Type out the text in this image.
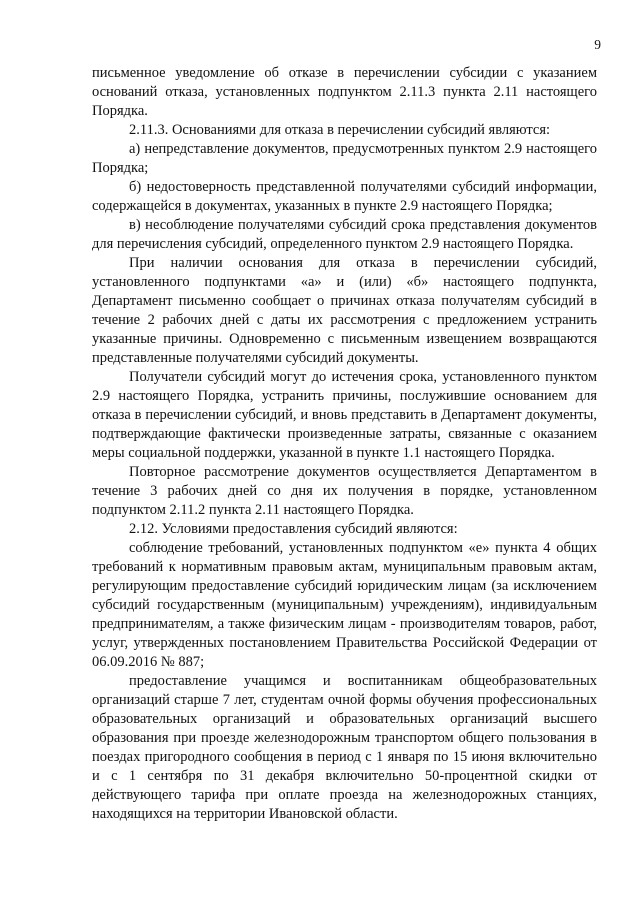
9

письменное уведомление об отказе в перечислении субсидии с указанием оснований отказа, установленных подпунктом 2.11.3 пункта 2.11 настоящего Порядка.

2.11.3. Основаниями для отказа в перечислении субсидий являются:

а) непредставление документов, предусмотренных пунктом 2.9 настоящего Порядка;

б) недостоверность представленной получателями субсидий информации, содержащейся в документах, указанных в пункте 2.9 настоящего Порядка;

в) несоблюдение получателями субсидий срока представления документов для перечисления субсидий, определенного пунктом 2.9 настоящего Порядка.

При наличии основания для отказа в перечислении субсидий, установленного подпунктами «а» и (или) «б» настоящего подпункта, Департамент письменно сообщает о причинах отказа получателям субсидий в течение 2 рабочих дней с даты их рассмотрения с предложением устранить указанные причины. Одновременно с письменным извещением возвращаются представленные получателями субсидий документы.

Получатели субсидий могут до истечения срока, установленного пунктом 2.9 настоящего Порядка, устранить причины, послужившие основанием для отказа в перечислении субсидий, и вновь представить в Департамент документы, подтверждающие фактически произведенные затраты, связанные с оказанием меры социальной поддержки, указанной в пункте 1.1 настоящего Порядка.

Повторное рассмотрение документов осуществляется Департаментом в течение 3 рабочих дней со дня их получения в порядке, установленном подпунктом 2.11.2 пункта 2.11 настоящего Порядка.

2.12. Условиями предоставления субсидий являются:

соблюдение требований, установленных подпунктом «е» пункта 4 общих требований к нормативным правовым актам, муниципальным правовым актам, регулирующим предоставление субсидий юридическим лицам (за исключением субсидий государственным (муниципальным) учреждениям), индивидуальным предпринимателям, а также физическим лицам - производителям товаров, работ, услуг, утвержденных постановлением Правительства Российской Федерации от 06.09.2016 № 887;

предоставление учащимся и воспитанникам общеобразовательных организаций старше 7 лет, студентам очной формы обучения профессиональных образовательных организаций и образовательных организаций высшего образования при проезде железнодорожным транспортом общего пользования в поездах пригородного сообщения в период с 1 января по 15 июня включительно и с 1 сентября по 31 декабря включительно 50-процентной скидки от действующего тарифа при оплате проезда на железнодорожных станциях, находящихся на территории Ивановской области.
